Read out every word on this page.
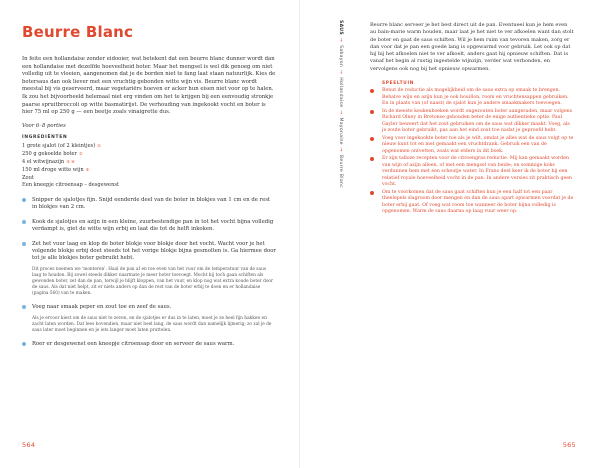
Beurre Blanc

In feite een hollandaise zonder eidooier, wat betekent dat een beurre blanc dunner wordt dan een hollandaise met dezelfde hoeveelheid boter. Maar het mengsel is wel dik genoeg om niet volledig uit te vloeien, aangenomen dat je de borden niet te fang laat staan natuurlijk. Kies de botersaus dan ook liever met een vruchtig gebonden witte wijn vis. Beurre blanc wordt meestal bij vis geserveerd, maar vegetariërs hoeven er acker hun eisen niet voor op te halen. Ik zou het bijvoorbeeld helemaal niet erg vinden om het te krijgen bij een eenvoudig stronkje paarse spruitbroccoli op witte basmatirijst. De verhouding van ingekookt vocht en boter is hier 75 ml op 250 g — een beetje zoals vinaigrette dus.

Voor 6–8 porties

INGREDIËNTEN
1 grote sjalot (of 2 kleintjes) ①
250 g gekoelde boter ②
4 el witwijnazijn ③ ④
150 ml droge witte wijn ⑤
Zout
Een kneepje citroensap – desgewenst

Snipper de sjalotjes fijn. Snijd eenderde deel van de boter in blokjes van 1 cm en de rest in blokjes van 2 cm.

Kook de sjalotjes en azijn in een kleine, zuurbestendige pan in tot het vocht bijna volledig verdampt is, giet de witte wijn erbij en laat die tot de helft inkoken.

Zet het vuur laag en klop de boter blokje voor blokje door het vocht. Wacht voor je het volgende blokje erbij doet steeds tot het vorige blokje bijna gesmolten is. Ga hiermee door tot je alle blokjes boter gebruikt hebt.

Dit proces noemen we 'monteren'. Haal de pan af en toe even van het vuur om de temperatuur van de saus laag te houden. Bij zowel steeds dikker naarmate je meer boter toevoegt. Mocht hij toch gaan schiften als gewonden boter, zet dan de pan, terwijl je blijft kloppen, van het vuur, en klop nog wat extra koude boter door de saus. Als dat niet helpt, zit er niets anders op dan de rest van de boter erbij te doen en er hollandaise (pagina 560) van te maken.

Voeg naar smaak peper en zout toe en zeef de saus.

Als je ervoor kiest om de saus niet te zeven, en de sjalotjes er dus in te laten, moet je ze heel fijn hakken en zacht laten worden. Dat lees bovendien, maar niet heel lang, de saus wordt dan namelijk lijmerig; zo zal je de saus later moet beginnen en je iets langer moet laten pruttelen.

Roer er desgewenst een kneepje citroensap door en serveer de saus warm.

564
SAUS→Sabayon→Hollandaise→Mayonaise→Beurre Blanc

Beurre blanc serveer je het best direct uit de pan. Eventueel kun je hem even au bain-marie warm houden, maar laat je het niet te ver afkoelen want dan stolt de boter en gaat de saus schiften. Wil je hem ruim van tevoren maken, zorg er dan voor dat je pan een goede lang is opgewarmd voor gebruik. Let ook op dat hij bij het afkoelen niet te ver afkoelt, anders gaat hij opnieuw schiften. Dat is vanaf het begin al rustig ingestelde wijnzijn, verder wat verbonden, en vervolgens ook nog bij het opnieuw opwarmen.

SPEELTUIN

Benut de reductie als mogelijkheid om de saus extra op smaak te brengen. Behalve wijn en azijn kun je ook bouillon, room en vruchtensappen gebruiken. En in plaats van (of naast) de sjalot kun je andere smaakmakers toevoegen.

In de meeste keukenboeken wordt ongezouten boter aangeraden, maar volgens Richard Olney in Bretonse gebouden beter de enige authentieke optie. Paul Gayler beweert dat het zout gebruiken om de saus wat dikker maakt. Voeg, als je zoute boter gebruikt, pas aan het eind zout toe nadat je geproefd hebt.

Voeg voor ingekookte boter toe als je wilt, omdat je alles wat de saus volgt op te nieuw kunt tot en met gemaakt een vruchtdrank. Gebruik een van de opgenomen ontvetten, zoals wat elders in dit boek.

Er zijn talloze recepten voor de citroengras reductie. Mij kan gemaakt worden van wijn of azijn alleen, of met een mengsel van beide; en sommige koks verdunnen hem met een scheutje water. In Frans deel keer ik de boter bij een relatief royale hoeveelheid vocht in de pan. In andere versies zit praktisch geen vocht.

Om te voorkomen dat de saus gaat schiften kun je een half tot een paar theelepels slagroom door mengen en dan de saus apart opwarmen voordat je de boter erbij gaat. Of voeg wat room toe wanneer de boter bijna volledig is opgenomen. Warm de saus daarna op laag vuur weer op.

565
